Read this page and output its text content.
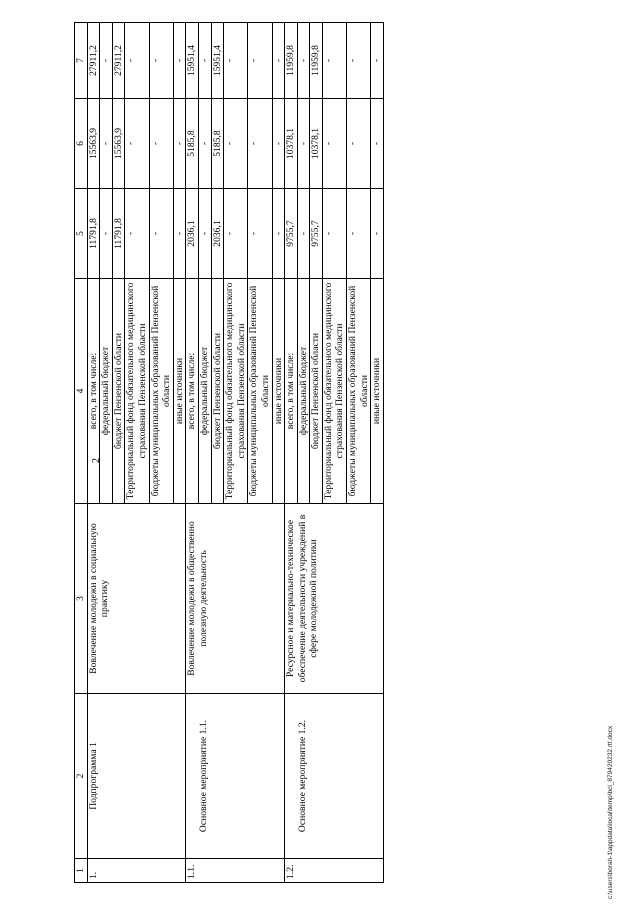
2
1	2	3	4	5	6	7
1.	Подпрограмма 1	Вовлечение молодежи в социальную практику	всего, в том числе:	11791,8	15563,9	27911,2
			федеральный бюджет	-	-	-
			бюджет Пензенской области	11791,8	15563,9	27911,2
			Территориальный фонд обязательного медицинского страхования Пензенской области	-	-	-
			бюджеты муниципальных образований Пензенской области	-	-	-
			иные источники	-	-	-
1.1.	Основное мероприятие 1.1.	Вовлечение молодежи в общественно полезную деятельность	всего, в том числе:	2036,1	5185,8	15951,4
			федеральный бюджет	-	-	-
			бюджет Пензенской области	2036,1	5185,8	15951,4
			Территориальный фонд обязательного медицинского страхования Пензенской области	-	-	-
			бюджеты муниципальных образований Пензенской области	-	-	-
			иные источники	-	-	-
1.2.	Основное мероприятие 1.2.	Ресурсное и материально-техническое обеспечение деятельности учреждений в сфере молодежной политики	всего, в том числе:	9755,7	10378,1	11959,8
			федеральный бюджет	-	-	-
			бюджет Пензенской области	9755,7	10378,1	11959,8
			Территориальный фонд обязательного медицинского страхования Пензенской области	-	-	-
			бюджеты муниципальных образований Пензенской области	-	-	-
			иные источники	-	-	-
c:\users\borah-1\appdata\local\temp\bcl_879420232.rtf.docx
